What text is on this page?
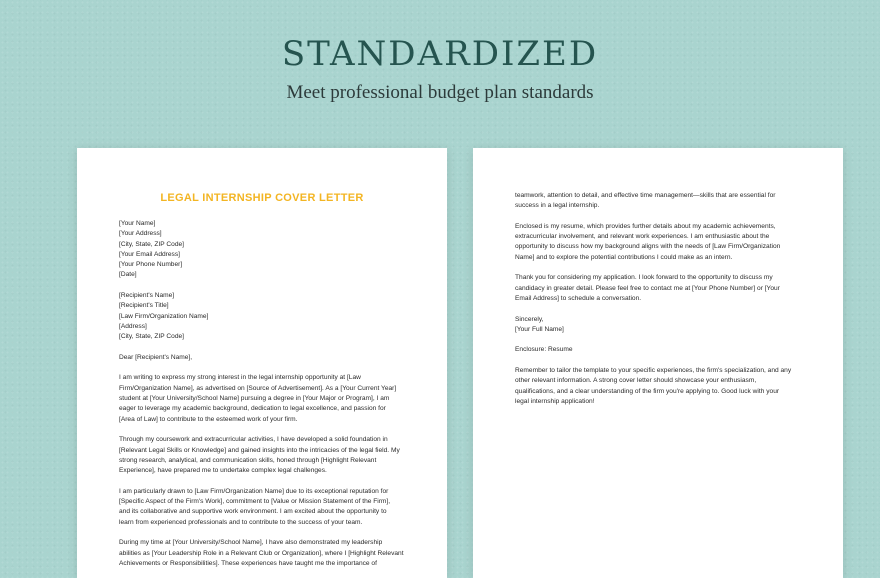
STANDARDIZED
Meet professional budget plan standards
LEGAL INTERNSHIP COVER LETTER

[Your Name]
[Your Address]
[City, State, ZIP Code]
[Your Email Address]
[Your Phone Number]
[Date]

[Recipient's Name]
[Recipient's Title]
[Law Firm/Organization Name]
[Address]
[City, State, ZIP Code]

Dear [Recipient's Name],

I am writing to express my strong interest in the legal internship opportunity at [Law
Firm/Organization Name], as advertised on [Source of Advertisement]. As a [Your Current Year]
student at [Your University/School Name] pursuing a degree in [Your Major or Program], I am
eager to leverage my academic background, dedication to legal excellence, and passion for
[Area of Law] to contribute to the esteemed work of your firm.

Through my coursework and extracurricular activities, I have developed a solid foundation in
[Relevant Legal Skills or Knowledge] and gained insights into the intricacies of the legal field. My
strong research, analytical, and communication skills, honed through [Highlight Relevant
Experience], have prepared me to undertake complex legal challenges.

I am particularly drawn to [Law Firm/Organization Name] due to its exceptional reputation for
[Specific Aspect of the Firm's Work], commitment to [Value or Mission Statement of the Firm],
and its collaborative and supportive work environment. I am excited about the opportunity to
learn from experienced professionals and to contribute to the success of your team.

During my time at [Your University/School Name], I have also demonstrated my leadership
abilities as [Your Leadership Role in a Relevant Club or Organization], where I [Highlight Relevant
Achievements or Responsibilities]. These experiences have taught me the importance of

teamwork, attention to detail, and effective time management—skills that are essential for
success in a legal internship.

Enclosed is my resume, which provides further details about my academic achievements,
extracurricular involvement, and relevant work experiences. I am enthusiastic about the
opportunity to discuss how my background aligns with the needs of [Law Firm/Organization
Name] and to explore the potential contributions I could make as an intern.

Thank you for considering my application. I look forward to the opportunity to discuss my
candidacy in greater detail. Please feel free to contact me at [Your Phone Number] or [Your
Email Address] to schedule a conversation.

Sincerely,
[Your Full Name]

Enclosure: Resume

Remember to tailor the template to your specific experiences, the firm's specialization, and any
other relevant information. A strong cover letter should showcase your enthusiasm,
qualifications, and a clear understanding of the firm you're applying to. Good luck with your
legal internship application!
